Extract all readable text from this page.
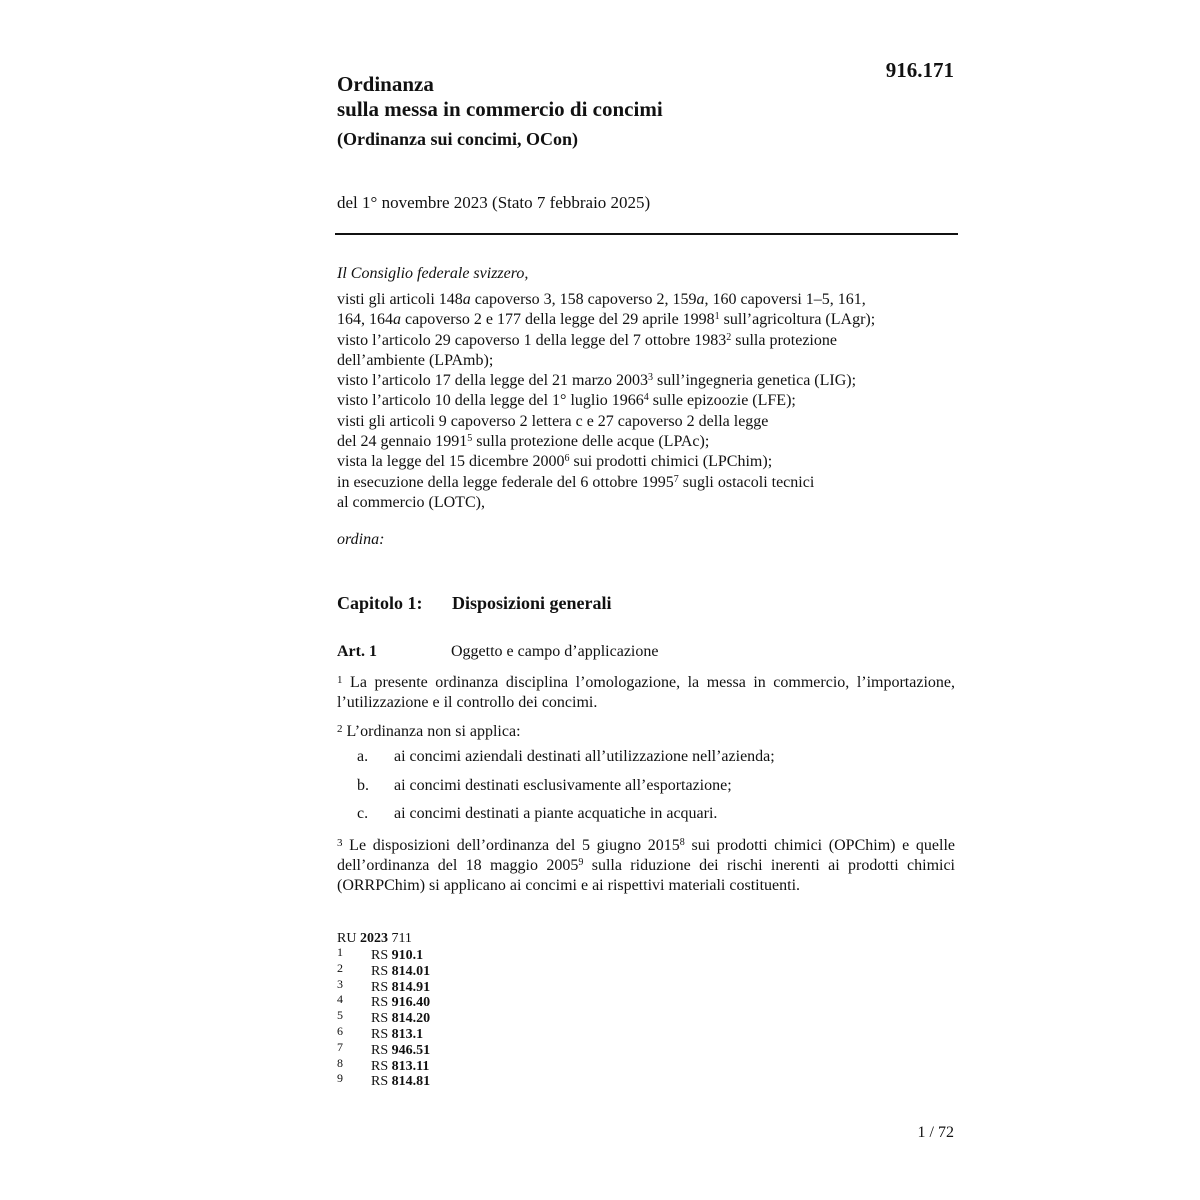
916.171
Ordinanza
sulla messa in commercio di concimi
(Ordinanza sui concimi, OCon)
del 1° novembre 2023 (Stato 7 febbraio 2025)
Il Consiglio federale svizzero,
visti gli articoli 148a capoverso 3, 158 capoverso 2, 159a, 160 capoversi 1–5, 161,
164, 164a capoverso 2 e 177 della legge del 29 aprile 1998$^1$ sull’agricoltura (LAgr);
visto l’articolo 29 capoverso 1 della legge del 7 ottobre 1983$^2$ sulla protezione
dell’ambiente (LPAmb);
visto l’articolo 17 della legge del 21 marzo 2003$^3$ sull’ingegneria genetica (LIG);
visto l’articolo 10 della legge del 1° luglio 1966$^4$ sulle epizoozie (LFE);
visti gli articoli 9 capoverso 2 lettera c e 27 capoverso 2 della legge
del 24 gennaio 1991$^5$ sulla protezione delle acque (LPAc);
vista la legge del 15 dicembre 2000$^6$ sui prodotti chimici (LPChim);
in esecuzione della legge federale del 6 ottobre 1995$^7$ sugli ostacoli tecnici
al commercio (LOTC),
ordina:
Capitolo 1: Disposizioni generali
Art. 1	Oggetto e campo d’applicazione
$^1$ La presente ordinanza disciplina l’omologazione, la messa in commercio, l’importazione, l’utilizzazione e il controllo dei concimi.
$^2$ L’ordinanza non si applica:
a. ai concimi aziendali destinati all’utilizzazione nell’azienda;
b. ai concimi destinati esclusivamente all’esportazione;
c. ai concimi destinati a piante acquatiche in acquari.
$^3$ Le disposizioni dell’ordinanza del 5 giugno 2015$^8$ sui prodotti chimici (OPChim) e quelle dell’ordinanza del 18 maggio 2005$^9$ sulla riduzione dei rischi inerenti ai prodotti chimici (ORRPChim) si applicano ai concimi e ai rispettivi materiali costituenti.
RU 2023 711
1 RS 910.1
2 RS 814.01
3 RS 814.91
4 RS 916.40
5 RS 814.20
6 RS 813.1
7 RS 946.51
8 RS 813.11
9 RS 814.81
1 / 72
